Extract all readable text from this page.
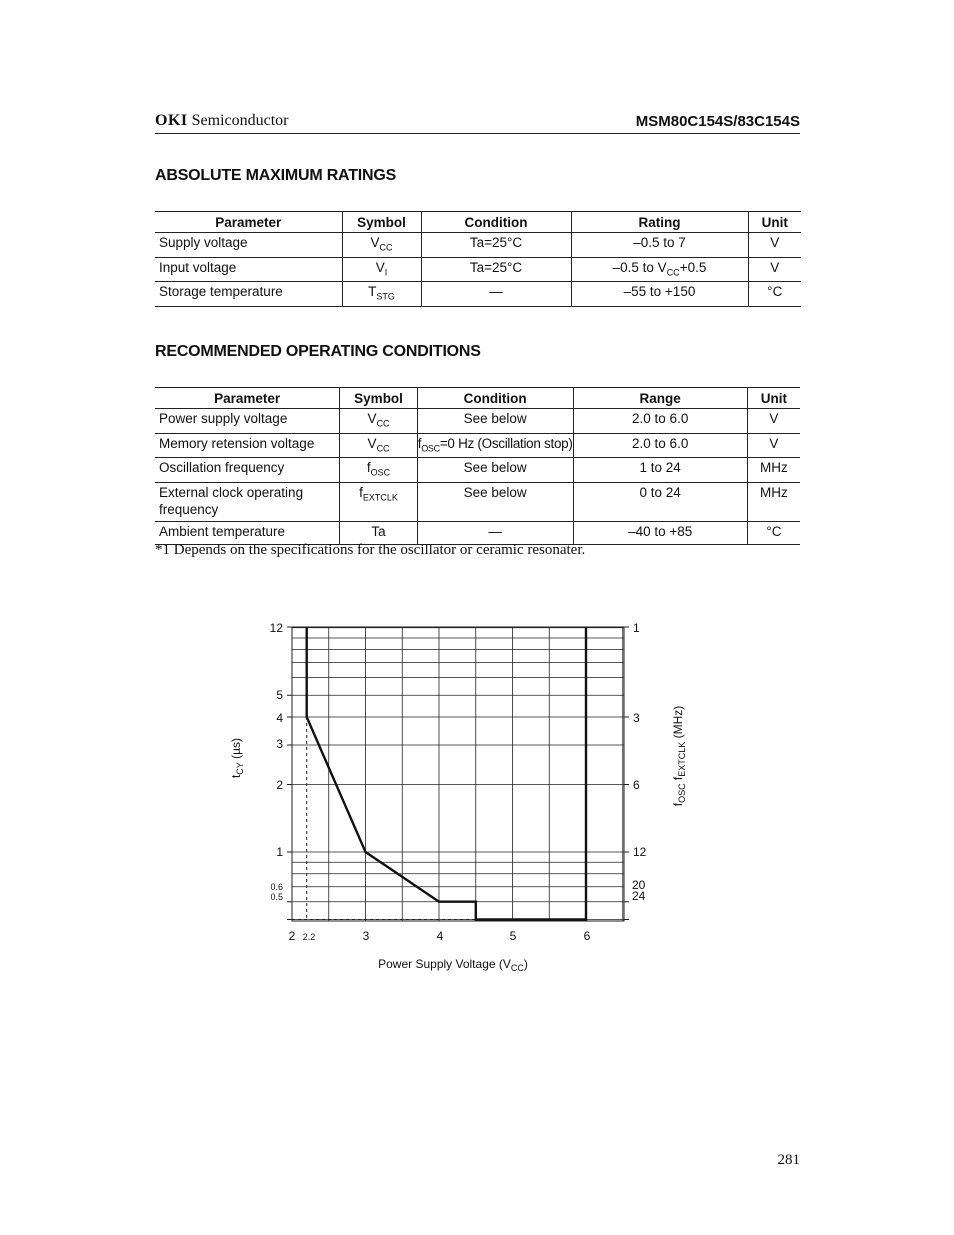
OKI Semiconductor	MSM80C154S/83C154S
ABSOLUTE MAXIMUM RATINGS
Parameter	Symbol	Condition	Rating	Unit
Supply voltage	$V_{CC}$	Ta=25°C	–0.5 to 7	V
Input voltage	$V_I$	Ta=25°C	–0.5 to $V_{CC}+0.5$	V
Storage temperature	$T_{STG}$	—	–55 to +150	°C
RECOMMENDED OPERATING CONDITIONS
Parameter	Symbol	Condition	Range	Unit
Power supply voltage	$V_{CC}$	See below	2.0 to 6.0	V
Memory retension voltage	$V_{CC}$	$f_{OSC}=0$ Hz (Oscillation stop)	2.0 to 6.0	V
Oscillation frequency	$f_{OSC}$	See below	1 to 24	MHz
External clock operating
frequency	$f_{EXTCLK}$	See below	0 to 24	MHz
Ambient temperature	Ta	—	–40 to +85	°C
*1 Depends on the specifications for the oscillator or ceramic resonater.
12
5
4
3
2
1
0.6
0.5
1
3
6
12
20
24
2 2.2	3	4	5	6
Power Supply Voltage $(V_{CC})$
$t_{CY}$ (µs)
$f_{OSC}$ $f_{EXTCLK}$ (MHz)
281
